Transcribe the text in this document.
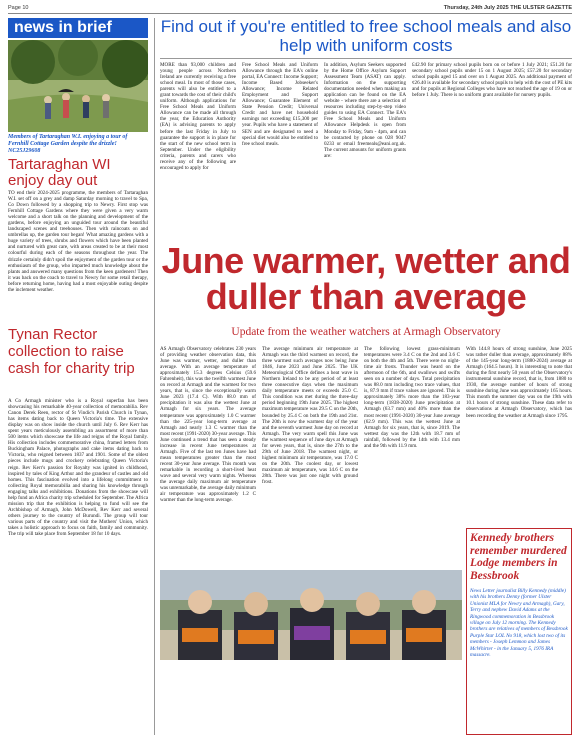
Page 10	Thursday, 24th July 2025 THE ULSTER GAZETTE
news in brief
Members of Tartaraghan W.I. enjoying a tour of Fernhill Cottage Garden despite the drizzle! NC25J29608
Tartaraghan WI enjoy day out
TO end their 2024-2025 programme, the members of Tartaraghan W.I. set off on a grey and damp Saturday morning to travel to Spa, Co Down followed by a shopping trip to Newry. First stop was Fernhill Cottage Gardens where they were given a very warm welcome and a short talk on the planning and development of the gardens, before enjoying an unguided tour around the beautiful landscaped scenes and treehouses. Then with raincoats on and umbrellas up, the garden tour began! What amazing gardens with a huge variety of trees, shrubs and flowers which have been planted and nurtured with great care, with areas created to be at their most colourful during each of the seasons throughout the year. The drizzle certainly didn't spoil the enjoyment of the garden tour or the enthusiasm of the group, who imparted much knowledge about the plants and answered many questions from the keen gardeners! Then it was back on the coach to travel to Newry for some retail therapy, before returning home, having had a most enjoyable outing despite the inclement weather.
Tynan Rector collection to raise cash for charity trip
A Co Armagh minister who is a Royal superfan has been showcasing his remarkable 40-year collection of memorabilia. Rev Canon Derek Reen, rector of St Vindic's Parish Church in Tynan, has items dating back to Queen Victoria's time. The extensive display was on show inside the church until July 6. Rev Kerr has spent years meticulously assembling an assortment of more than 500 items which showcase the life and reigns of the Royal family. His collection includes commemorative china, framed letters from Buckingham Palace, photographs and cake items dating back to Victoria, who reigned between 1837 and 1901. Some of the oldest pieces include mugs and crockery celebrating Queen Victoria's reign. Rev Kerr's passion for Royalty was ignited in childhood, inspired by tales of King Arthur and the grandeur of castles and old homes. This fascination evolved into a lifelong commitment to collecting Royal memorabilia and sharing his knowledge through engaging talks and exhibitions. Donations from the showcase will help fund an Africa charity trip scheduled for September. The Africa mission trip that the exhibition is helping to fund will see the Archbishop of Armagh, John McDowell, Rev Kerr and several others journey to the country of Burundi. The group will tour various parts of the country and visit the Mothers' Union, which takes a holistic approach to focus on faith, family and community. The trip will take place from September 18 for 10 days.
Find out if you're entitled to free school meals and also help with uniform costs
MORE than 93,000 children and young people across Northern Ireland are currently receiving a free school meal. In most of those cases, parents will also be entitled to a grant towards the cost of their child's uniform. Although applications for Free School Meals and Uniform Allowance can be made all through the year, the Education Authority (EA) is advising parents to apply before the last Friday in July to guarantee the support is in place for the start of the new school term in September. Under the eligibility criteria, parents and carers who receive any of the following are encouraged to apply for
Free School Meals and Uniform Allowance through the EA's online portal, EA Connect: Income Support; Income Based Jobseeker's Allowance; Income Related Employment and Support Allowance; Guarantee Element of State Pension Credit; Universal Credit and have net household earnings not exceeding £15,300 per year. Pupils who have a statement of SEN and are designated to need a special diet would also be entitled to free school meals.
In addition, Asylum Seekers supported by the Home Office Asylum Support Assessment Team (ASAT) can apply. Information on the supporting documentation needed when making an application can be found on the EA website - where there are a selection of resources including step-by-step video guides to using EA Connect. The EA's Free School Meals and Uniform Allowance Helpdesk is open from Monday to Friday, 9am - 4pm, and can be contacted by phone on 028 9047 0233 or email freemeals@eani.org.uk. The current amounts for uniform grants are:
£42.90 for primary school pupils born on or before 1 July 2021; £51.20 for secondary school pupils under 15 on 1 August 2025; £57.20 for secondary school pupils aged 15 and over on 1 August 2025. An additional payment of ¢26.40 is available for secondary school pupils to help with the cost of PE kits and for pupils at Regional Colleges who have not reached the age of 19 on or before 1 July. There is no uniform grant available for nursery pupils.
June warmer, wetter and duller than average
Update from the weather watchers at Armagh Observatory
AS Armagh Observatory celebrates 230 years of providing weather observation data, this June was warmer, wetter, and duller than average. With an average temperature of approximately 15.3 degrees Celsius (59.6 Fahrenheit), this was the twelfth warmest June on record at Armagh and the warmest for two years, that is, since the exceptionally warm June 2023 (17.4 C). With 88.0 mm of precipitation it was also the wettest June at Armagh for six years. The average temperature was approximately 1.0 C warmer than the 225-year long-term average at Armagh and nearly 1.3 C warmer than the most recent (1991-2020) 30-year average. This June continued a trend that has seen a steady increase in recent June temperatures at Armagh. Five of the last ten Junes have had mean temperatures greater than the most recent 30-year June average. This month was remarkable in recording a short-lived heat wave and several very warm nights. Whereas the average daily maximum air temperature was unremarkable, the average daily minimum air temperature was approximately 1.2 C warmer than the long-term average.
The average minimum air temperature at Armagh was the third warmest on record, the three warmest such averages now being June 1846, June 2023 and June 2025. The UK Meteorological Office defines a heat wave in Northern Ireland to be any period of at least three consecutive days when the maximum daily temperature meets or exceeds 25.0 C. This condition was met during the three-day period beginning 19th June 2025. The highest maximum temperature was 29.5 C on the 20th, bounded by 25.4 C on both the 19th and 21st. The 20th is now the warmest day of the year and the seventh warmest June day on record at Armagh. The very warm spell this June was the warmest sequence of June days at Armagh for seven years, that is, since the 27th to the 29th of June 2018. The warmest night, or highest minimum air temperature, was 17.0 C on the 20th. The coolest day, or lowest maximum air temperature, was 14.6 C on the 28th. There was just one night with ground frost.
The following lowest grass-minimum temperatures were 3.4 C on the 2nd and 3.6 C on both the 4th and 5th. There were no night-time air frosts. Thunder was heard on the afternoon of the 6th, and swallows and swifts seen on a number of days. Total precipitation was 88.0 mm including two trace values, that is, 87.9 mm if trace values are ignored. This is approximately 38% more than the 183-year long-term (1838-2020) June precipitation at Armagh (63.7 mm) and 40% more than the most recent (1991-2020) 30-year June average (62.9 mm). This was the wettest June at Armagh for six years, that is, since 2019. The wettest day was the 12th with 18.7 mm of rainfall, followed by the 14th with 13.4 mm and the 9th with 11.9 mm.
With 144.8 hours of strong sunshine, June 2025 was rather duller than average, approximately 88% of the 145-year long-term (1880-2024) average at Armagh (164.5 hours). It is interesting to note that during the first nearly 50 years of the Observatory's instrumental sunshine record, that is, from 1880 to 1930, the average number of hours of strong sunshine during June was approximately 165 hours. This month the summer day was on the 19th with 10.1 hours of strong sunshine. These data refer to observations at Armagh Observatory, which has been recording the weather at Armagh since 1795.
Kennedy brothers remember murdered Lodge members in Bessbrook
News Letter journalist Billy Kennedy (middle) with his brothers Denny (former Ulster Unionist MLA for Newry and Armagh), Gary, Terry and nephew David Adams at the Ringwood commemoration in Bessbrook village on July 12 morning. The Kennedy brothers are relatives of members of Bessbrook Purple Star LOL No 918, which lost two of its members - Joseph Lemmon and James McWhirter - in the January 5, 1976 IRA massacre.
